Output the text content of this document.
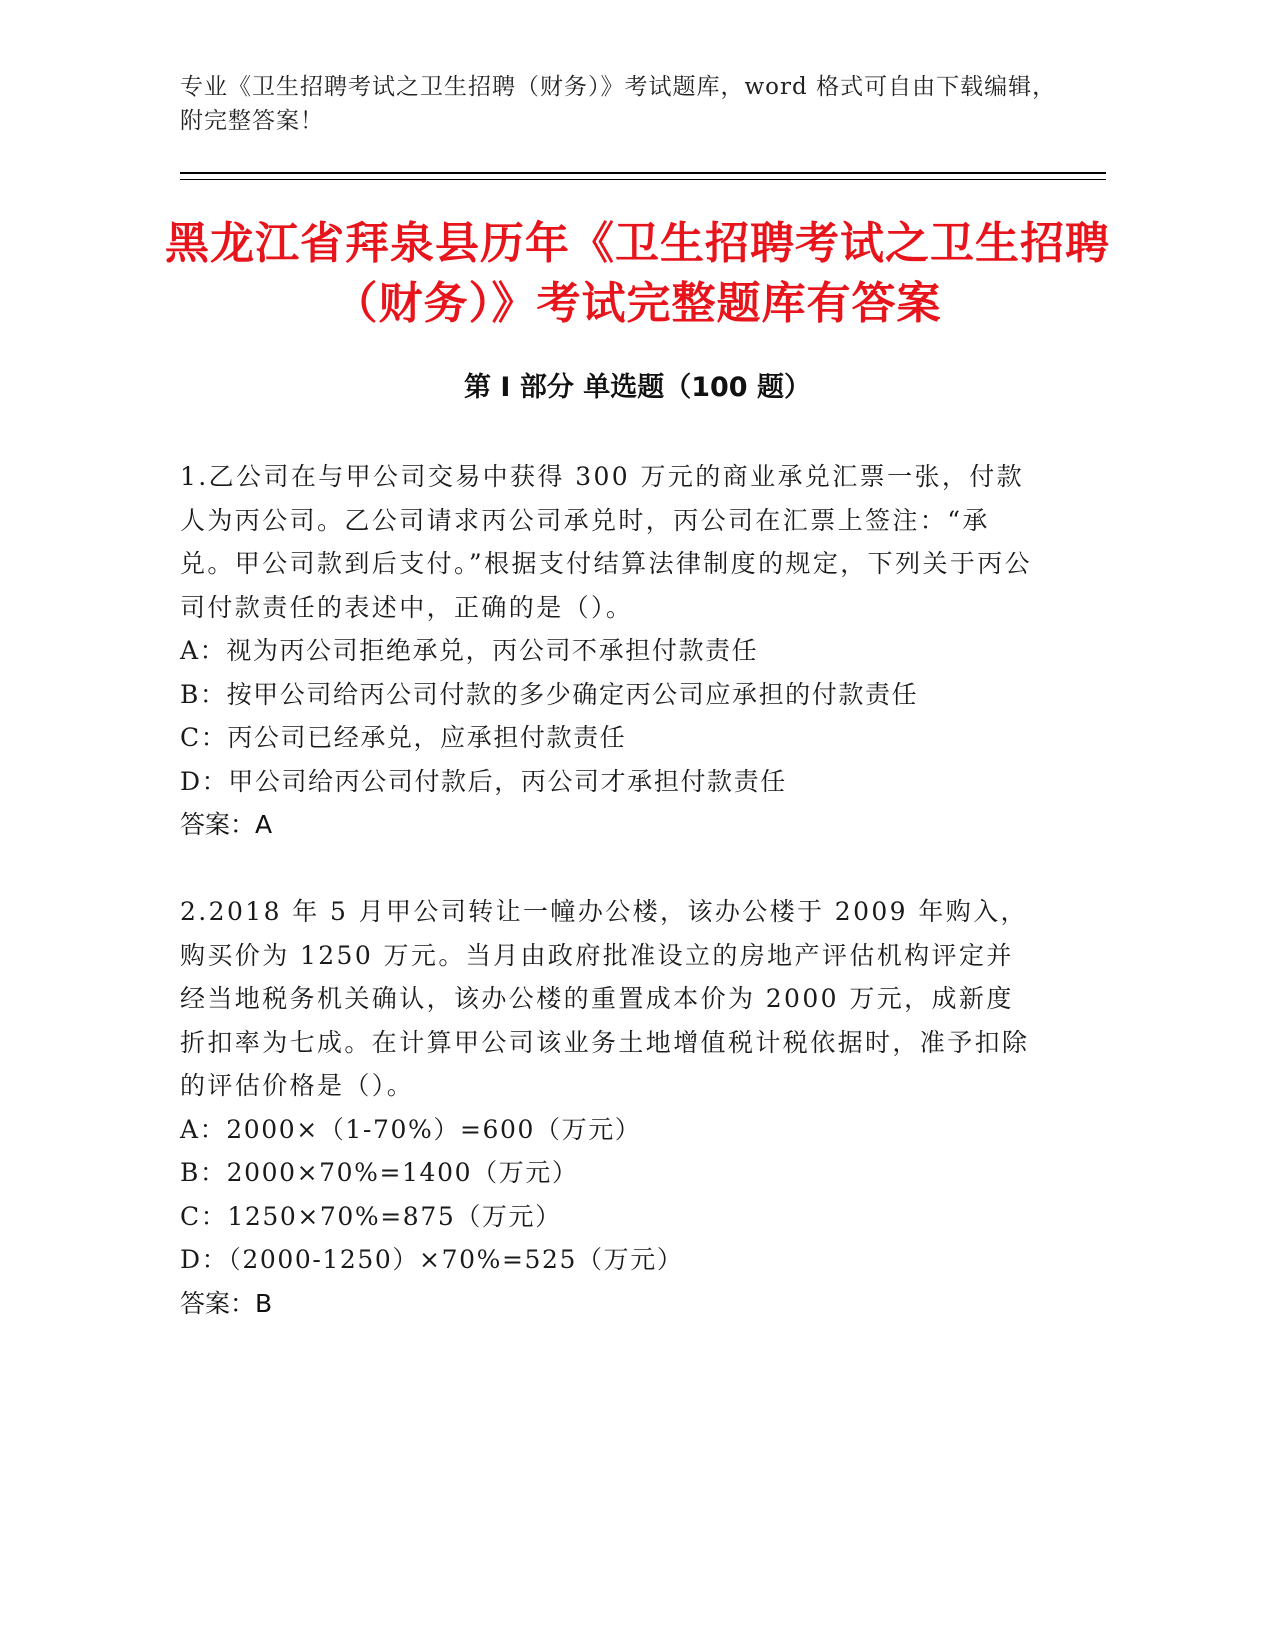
专业《卫生招聘考试之卫生招聘（财务）》考试题库，word 格式可自由下载编辑，附完整答案！
黑龙江省拜泉县历年《卫生招聘考试之卫生招聘（财务）》考试完整题库有答案
第 I 部分 单选题（100 题）

1.乙公司在与甲公司交易中获得 300 万元的商业承兑汇票一张，付款人为丙公司。乙公司请求丙公司承兑时，丙公司在汇票上签注：“承兑。甲公司款到后支付。”根据支付结算法律制度的规定，下列关于丙公司付款责任的表述中，正确的是（）。

A：视为丙公司拒绝承兑，丙公司不承担付款责任

B：按甲公司给丙公司付款的多少确定丙公司应承担的付款责任

C：丙公司已经承兑，应承担付款责任

D：甲公司给丙公司付款后，丙公司才承担付款责任

答案：A

2.2018 年 5 月甲公司转让一幢办公楼，该办公楼于 2009 年购入，购买价为 1250 万元。当月由政府批准设立的房地产评估机构评定并经当地税务机关确认，该办公楼的重置成本价为 2000 万元，成新度折扣率为七成。在计算甲公司该业务土地增值税计税依据时，准予扣除的评估价格是（）。

A：2000×（1-70%）=600（万元）

B：2000×70%=1400（万元）

C：1250×70%=875（万元）

D：（2000-1250）×70%=525（万元）

答案：B
